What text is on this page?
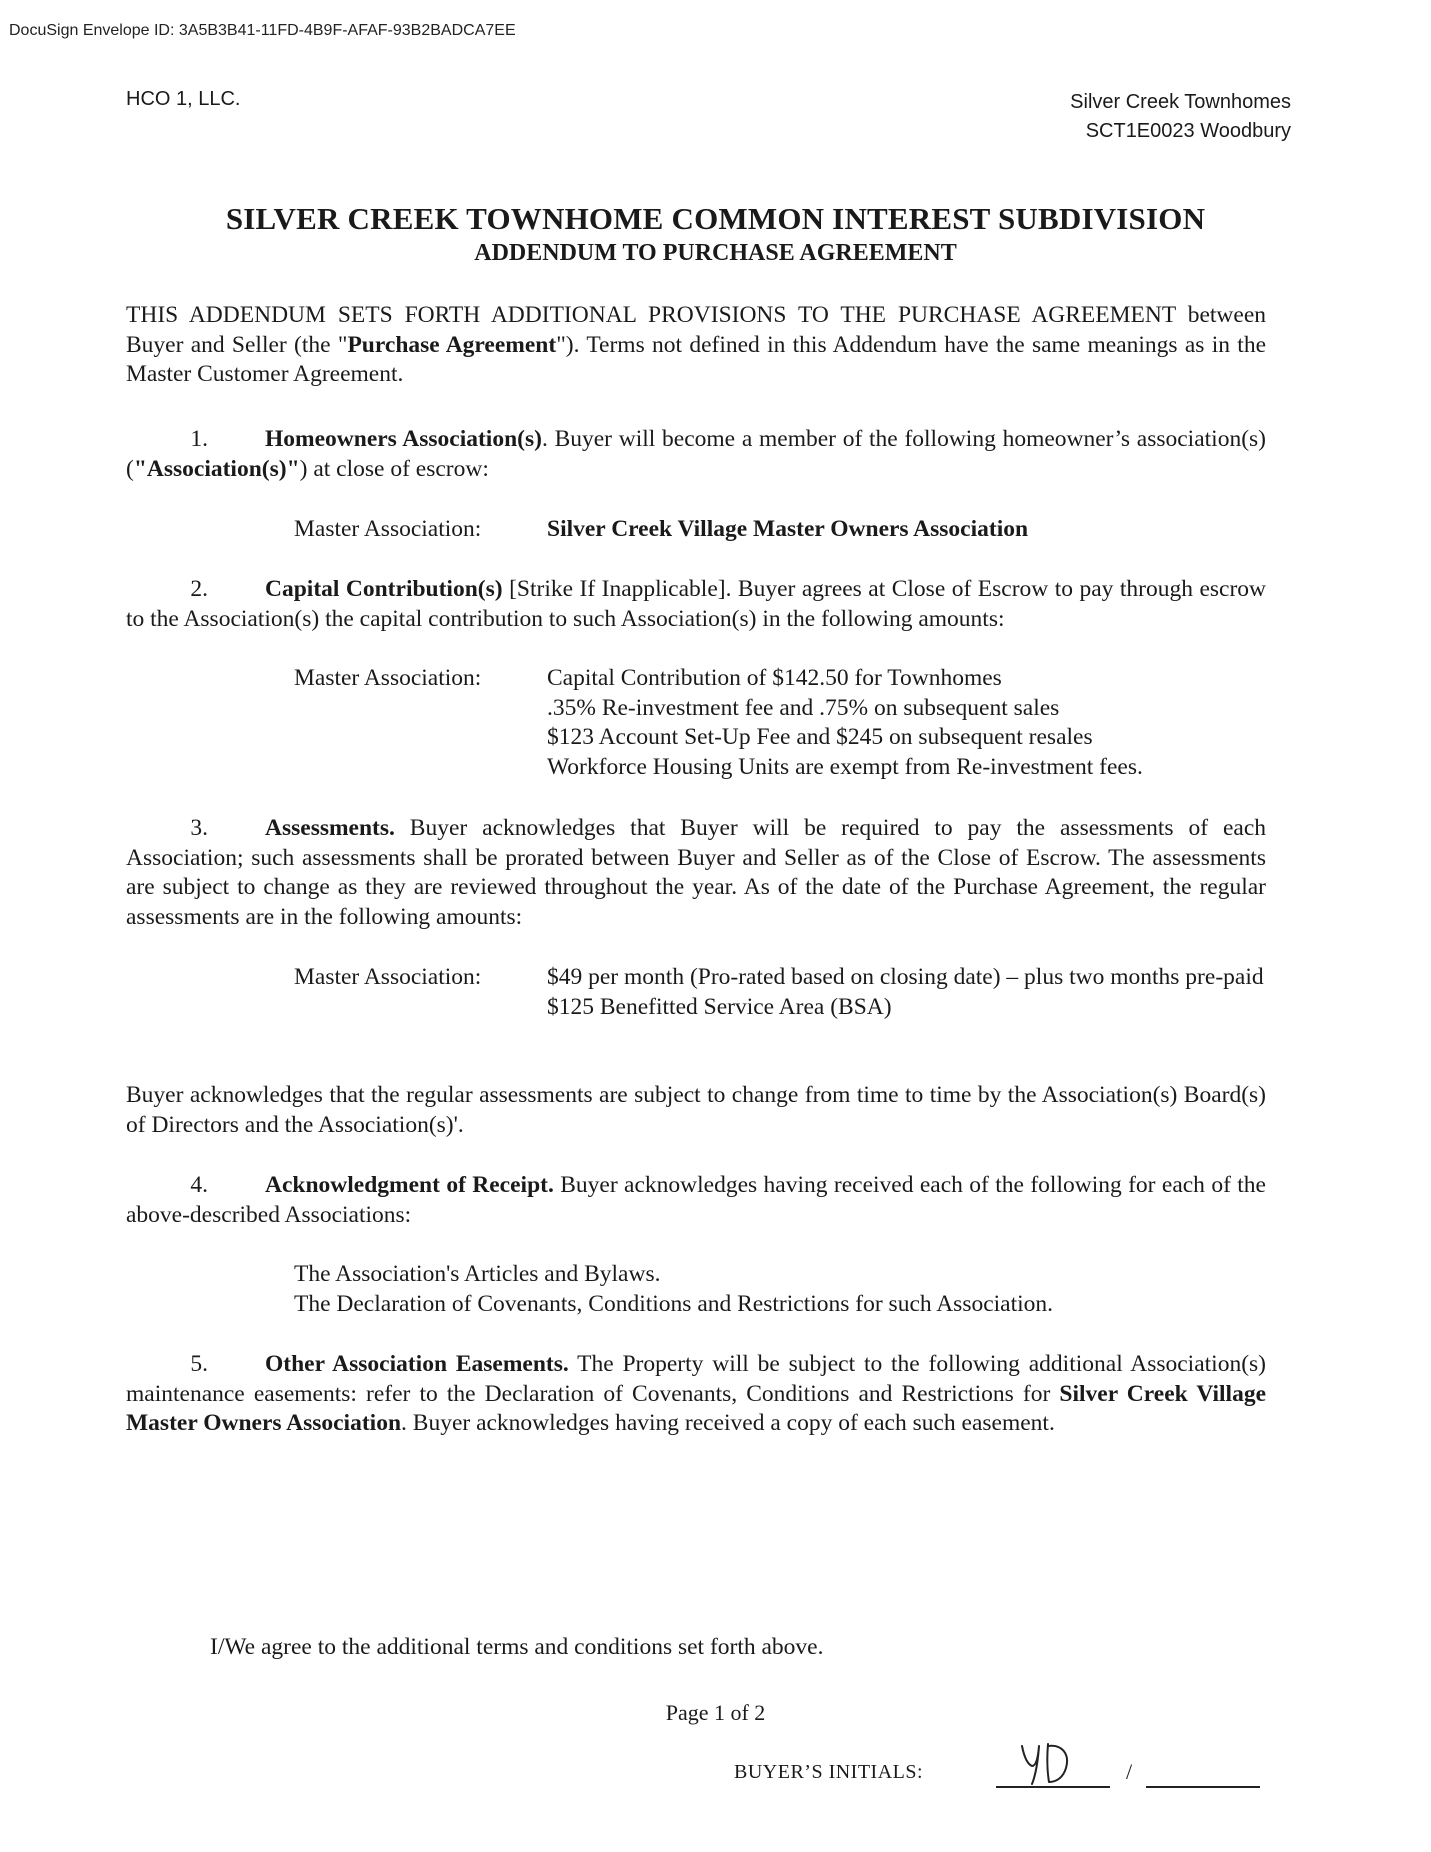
DocuSign Envelope ID: 3A5B3B41-11FD-4B9F-AFAF-93B2BADCA7EE
HCO 1, LLC.	Silver Creek Townhomes
SCT1E0023 Woodbury
SILVER CREEK TOWNHOME COMMON INTEREST SUBDIVISION
ADDENDUM TO PURCHASE AGREEMENT
THIS ADDENDUM SETS FORTH ADDITIONAL PROVISIONS TO THE PURCHASE AGREEMENT between Buyer and Seller (the "Purchase Agreement"). Terms not defined in this Addendum have the same meanings as in the Master Customer Agreement.
1. Homeowners Association(s). Buyer will become a member of the following homeowner’s association(s) ("Association(s)") at close of escrow:
Master Association:	Silver Creek Village Master Owners Association
2. Capital Contribution(s) [Strike If Inapplicable]. Buyer agrees at Close of Escrow to pay through escrow to the Association(s) the capital contribution to such Association(s) in the following amounts:
Master Association:	Capital Contribution of $142.50 for Townhomes
.35% Re-investment fee and .75% on subsequent sales
$123 Account Set-Up Fee and $245 on subsequent resales
Workforce Housing Units are exempt from Re-investment fees.
3. Assessments. Buyer acknowledges that Buyer will be required to pay the assessments of each Association; such assessments shall be prorated between Buyer and Seller as of the Close of Escrow. The assessments are subject to change as they are reviewed throughout the year. As of the date of the Purchase Agreement, the regular assessments are in the following amounts:
Master Association:	$49 per month (Pro-rated based on closing date) – plus two months pre-paid
$125 Benefitted Service Area (BSA)
Buyer acknowledges that the regular assessments are subject to change from time to time by the Association(s) Board(s) of Directors and the Association(s)'.
4. Acknowledgment of Receipt. Buyer acknowledges having received each of the following for each of the above-described Associations:
The Association's Articles and Bylaws.
The Declaration of Covenants, Conditions and Restrictions for such Association.
5. Other Association Easements. The Property will be subject to the following additional Association(s) maintenance easements: refer to the Declaration of Covenants, Conditions and Restrictions for Silver Creek Village Master Owners Association. Buyer acknowledges having received a copy of each such easement.
I/We agree to the additional terms and conditions set forth above.
Page 1 of 2
BUYER’S INITIALS:	/
